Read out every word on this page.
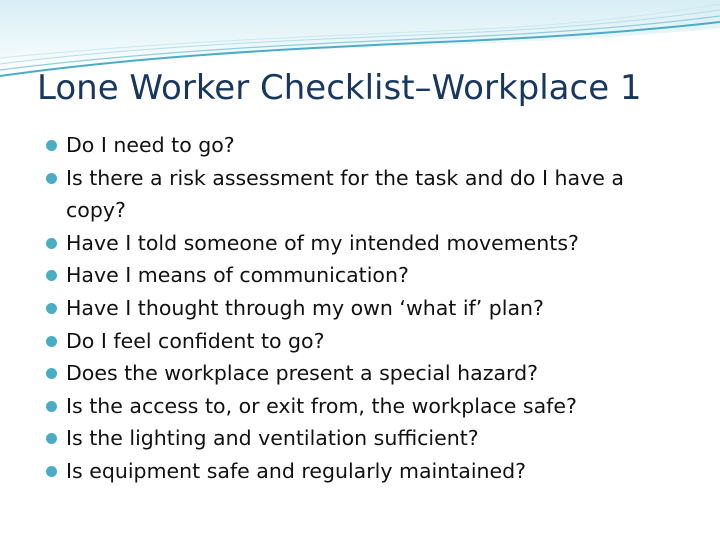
Lone Worker Checklist–Workplace 1
Do I need to go?
Is there a risk assessment for the task and do I have a
copy?
Have I told someone of my intended movements?
Have I means of communication?
Have I thought through my own ‘what if’ plan?
Do I feel confident to go?
Does the workplace present a special hazard?
Is the access to, or exit from, the workplace safe?
Is the lighting and ventilation sufficient?
Is equipment safe and regularly maintained?
